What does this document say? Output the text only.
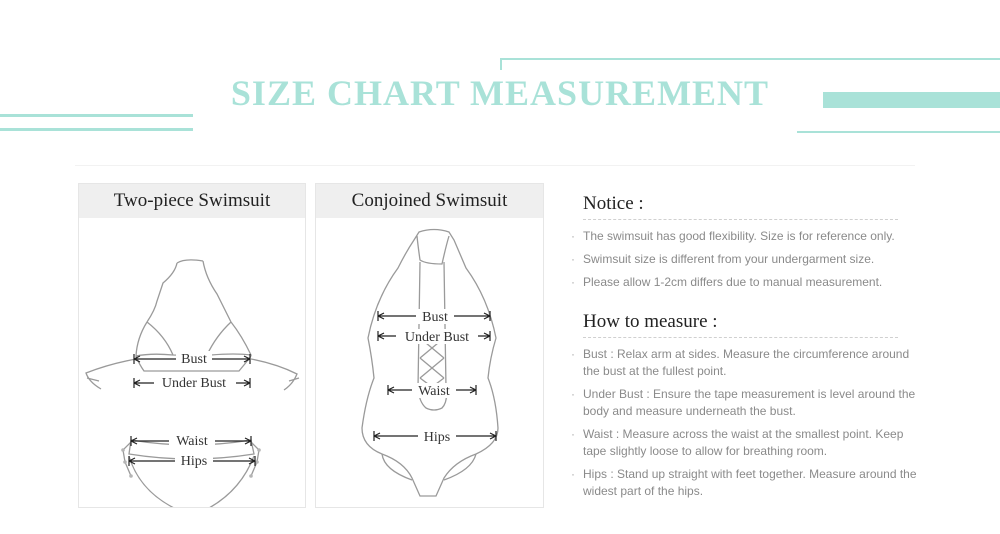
SIZE CHART MEASUREMENT
Two-piece Swimsuit
Bust
Under Bust
Waist
Hips
Conjoined Swimsuit
Bust
Under Bust
Waist
Hips
Notice :
· The swimsuit has good flexibility. Size is for reference only.
· Swimsuit size is different from your undergarment size.
· Please allow 1-2cm differs due to manual measurement.
How to measure :
· Bust : Relax arm at sides. Measure the circumference around the bust at the fullest point.
· Under Bust : Ensure the tape measurement is level around the body and measure underneath the bust.
· Waist : Measure across the waist at the smallest point. Keep tape slightly loose to allow for breathing room.
· Hips : Stand up straight with feet together. Measure around the widest part of the hips.
